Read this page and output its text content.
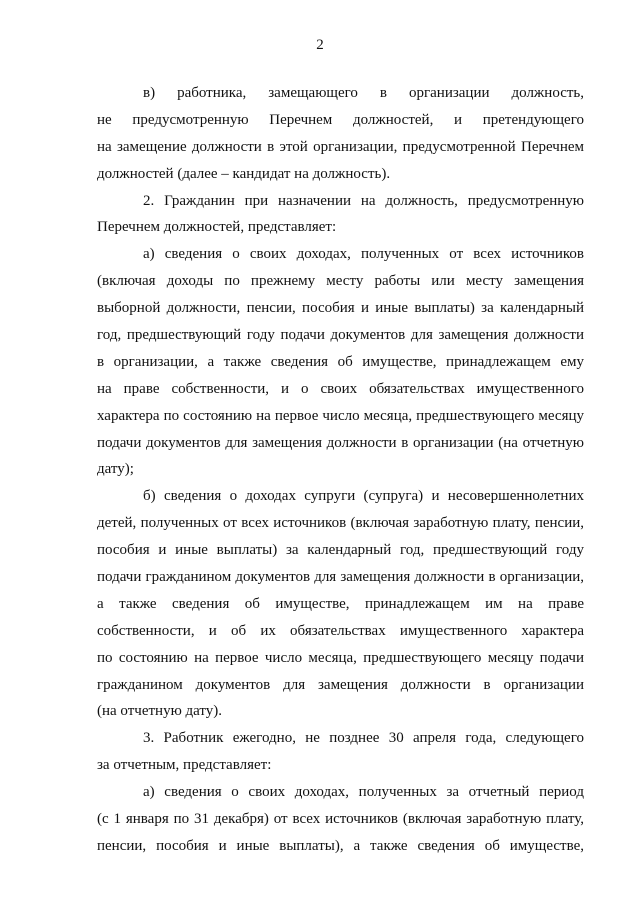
2
в) работника, замещающего в организации должность,
не предусмотренную Перечнем должностей, и претендующего
на замещение должности в этой организации, предусмотренной Перечнем
должностей (далее – кандидат на должность).
2. Гражданин при назначении на должность, предусмотренную
Перечнем должностей, представляет:
а) сведения о своих доходах, полученных от всех источников
(включая доходы по прежнему месту работы или месту замещения
выборной должности, пенсии, пособия и иные выплаты) за календарный
год, предшествующий году подачи документов для замещения должности
в организации, а также сведения об имуществе, принадлежащем ему
на праве собственности, и о своих обязательствах имущественного
характера по состоянию на первое число месяца, предшествующего месяцу
подачи документов для замещения должности в организации (на отчетную
дату);
б) сведения о доходах супруги (супруга) и несовершеннолетних
детей, полученных от всех источников (включая заработную плату, пенсии,
пособия и иные выплаты) за календарный год, предшествующий году
подачи гражданином документов для замещения должности в организации,
а также сведения об имуществе, принадлежащем им на праве
собственности, и об их обязательствах имущественного характера
по состоянию на первое число месяца, предшествующего месяцу подачи
гражданином документов для замещения должности в организации
(на отчетную дату).
3. Работник ежегодно, не позднее 30 апреля года, следующего
за отчетным, представляет:
а) сведения о своих доходах, полученных за отчетный период
(с 1 января по 31 декабря) от всех источников (включая заработную плату,
пенсии, пособия и иные выплаты), а также сведения об имуществе,
